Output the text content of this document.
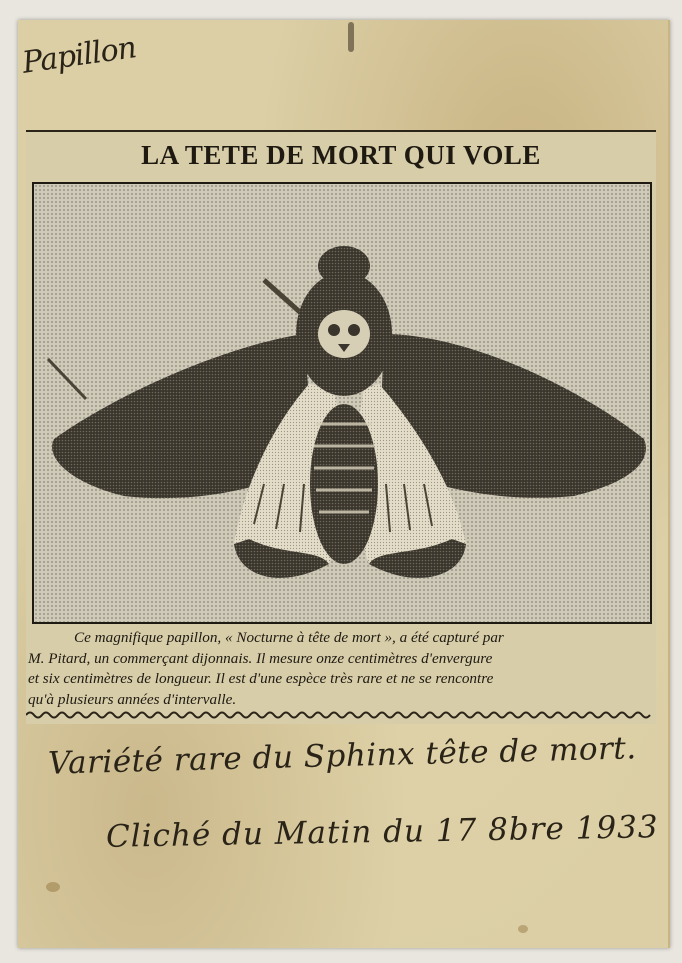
Papillon
LA TETE DE MORT QUI VOLE
Ce magnifique papillon, « Nocturne à tête de mort », a été capturé par
M. Pitard, un commerçant dijonnais. Il mesure onze centimètres d'envergure
et six centimètres de longueur. Il est d'une espèce très rare et ne se rencontre
qu'à plusieurs années d'intervalle.
Variété rare du Sphinx tête de mort.
Cliché du Matin du 17 8bre 1933
